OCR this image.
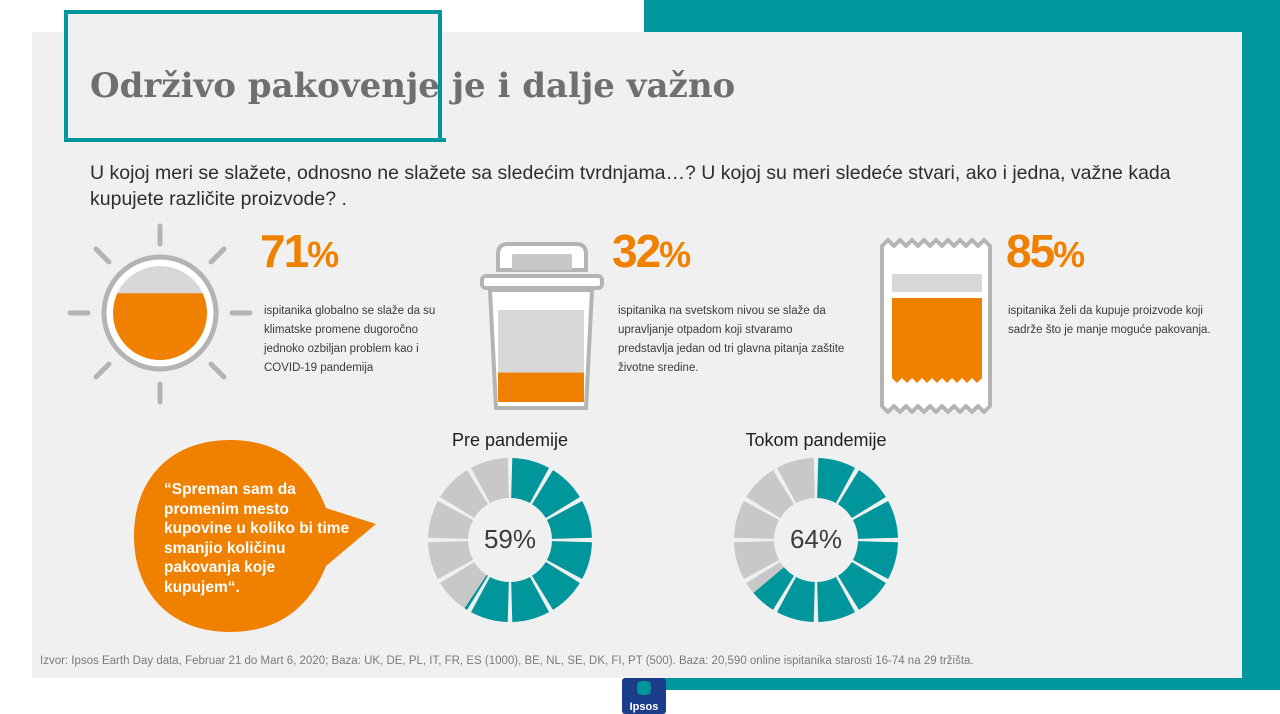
Održivo pakovenje je i dalje važno
U kojoj meri se slažete, odnosno ne slažete sa sledećim tvrdnjama…? U kojoj su meri sledeće stvari, ako i jedna, važne kada kupujete različite proizvode? .
71%
ispitanika globalno se slaže da su klimatske promene dugoročno jednoko ozbiljan problem kao i COVID-19 pandemija
32%
ispitanika na svetskom nivou se slaže da upravljanje otpadom koji stvaramo predstavlja jedan od tri glavna pitanja zaštite životne sredine.
85%
ispitanika želi da kupuje proizvode koji sadrže što je manje moguće pakovanja.
“Spreman sam da promenim mesto kupovine u koliko bi time smanjio količinu pakovanja koje kupujem“.
Pre pandemije
59%
Tokom pandemije
64%
Izvor: Ipsos Earth Day data, Februar 21 do Mart 6, 2020; Baza: UK, DE, PL, IT, FR, ES (1000), BE, NL, SE, DK, FI, PT (500). Baza: 20,590 online ispitanika starosti 16-74 na 29 tržišta.
Ipsos
